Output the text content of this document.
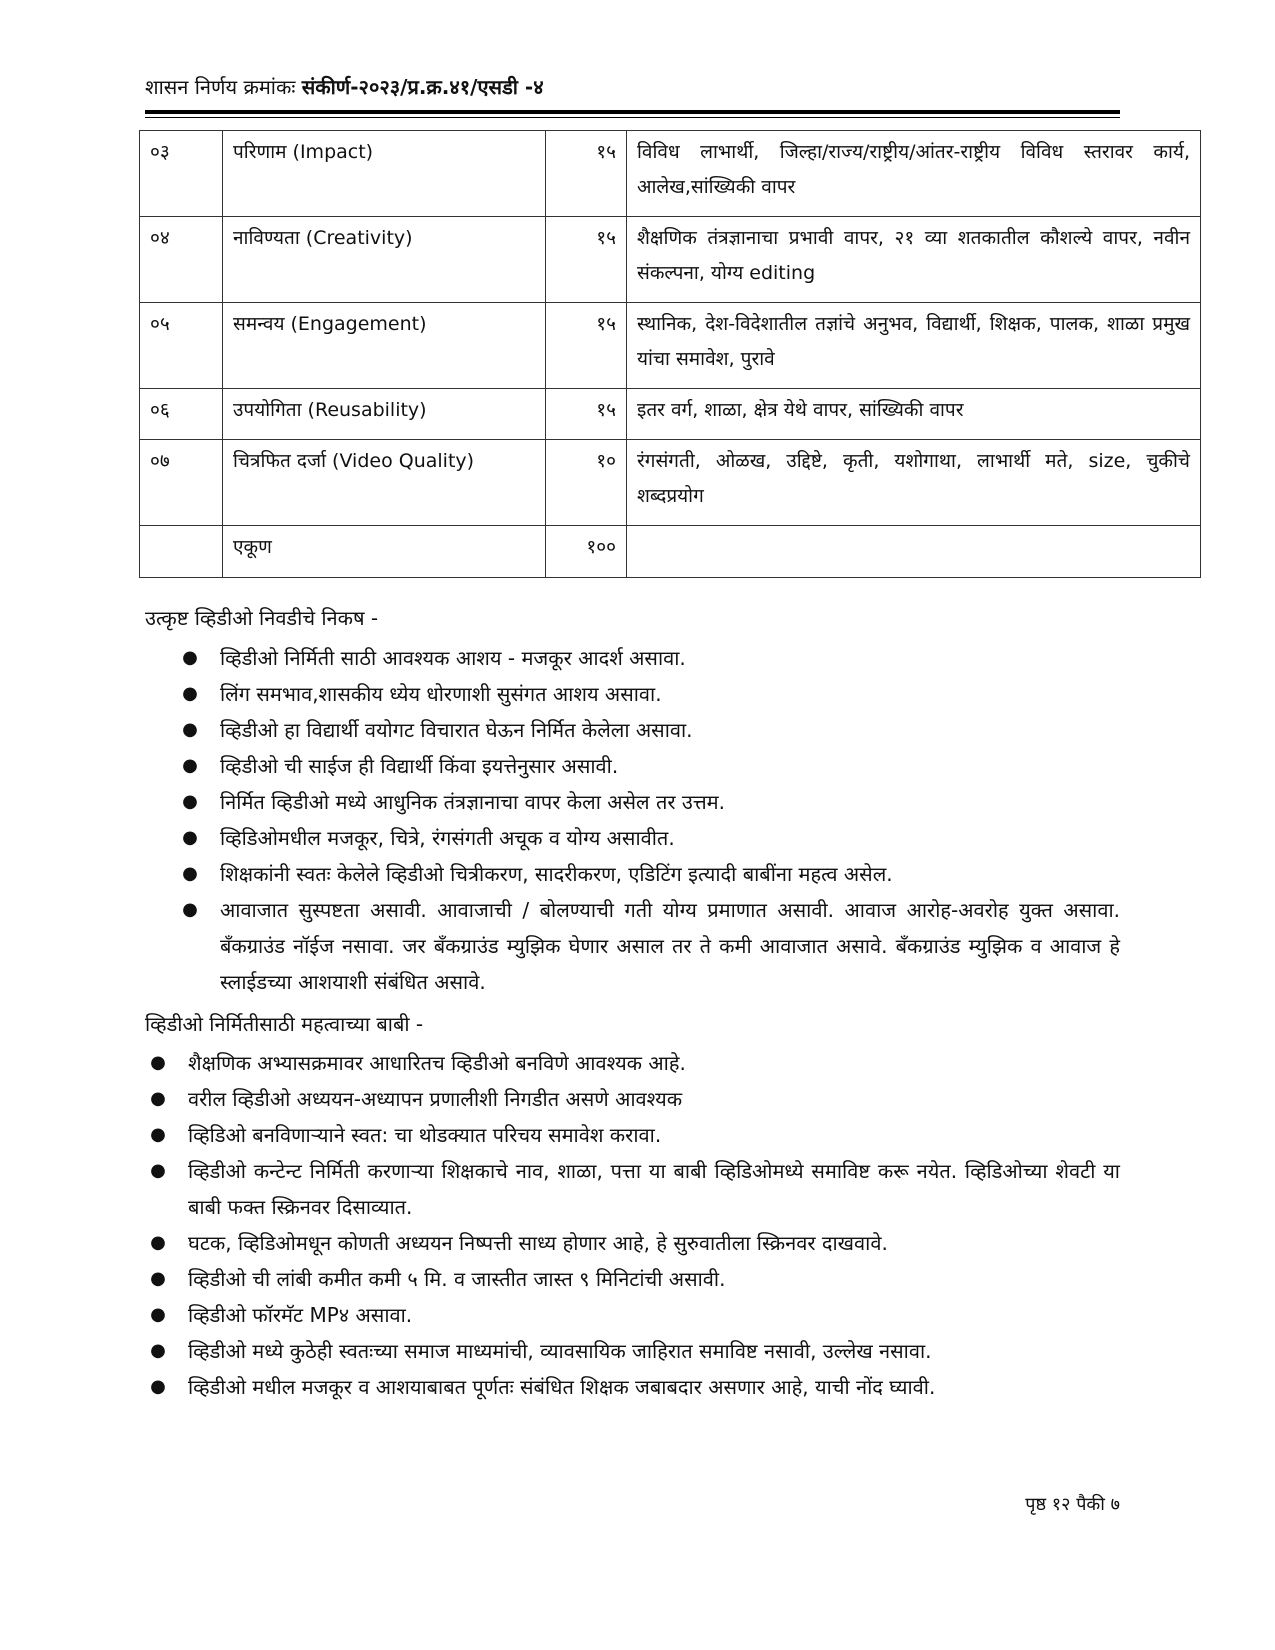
शासन निर्णय क्रमांकः संकीर्ण-२०२३/प्र.क्र.४१/एसडी -४
०३	परिणाम (Impact)	१५	विविध लाभार्थी, जिल्हा/राज्य/राष्ट्रीय/आंतर-राष्ट्रीय विविध स्तरावर कार्य, आलेख,सांख्यिकी वापर
०४	नाविण्यता (Creativity)	१५	शैक्षणिक तंत्रज्ञानाचा प्रभावी वापर, २१ व्या शतकातील कौशल्ये वापर, नवीन संकल्पना, योग्य editing
०५	समन्वय (Engagement)	१५	स्थानिक, देश-विदेशातील तज्ञांचे अनुभव, विद्यार्थी, शिक्षक, पालक, शाळा प्रमुख यांचा समावेश, पुरावे
०६	उपयोगिता (Reusability)	१५	इतर वर्ग, शाळा, क्षेत्र येथे वापर, सांख्यिकी वापर
०७	चित्रफित दर्जा (Video Quality)	१०	रंगसंगती, ओळख, उद्दिष्टे, कृती, यशोगाथा, लाभार्थी मते, size, चुकीचे शब्दप्रयोग
	एकूण	१००	
उत्कृष्ट व्हिडीओ निवडीचे निकष -
● व्हिडीओ निर्मिती साठी आवश्यक आशय - मजकूर आदर्श असावा.
● लिंग समभाव,शासकीय ध्येय धोरणाशी सुसंगत आशय असावा.
● व्हिडीओ हा विद्यार्थी वयोगट विचारात घेऊन निर्मित केलेला असावा.
● व्हिडीओ ची साईज ही विद्यार्थी किंवा इयत्तेनुसार असावी.
● निर्मित व्हिडीओ मध्ये आधुनिक तंत्रज्ञानाचा वापर केला असेल तर उत्तम.
● व्हिडिओमधील मजकूर, चित्रे, रंगसंगती अचूक व योग्य असावीत.
● शिक्षकांनी स्वतः केलेले व्हिडीओ चित्रीकरण, सादरीकरण, एडिटिंग इत्यादी बाबींना महत्व असेल.
● आवाजात सुस्पष्टता असावी. आवाजाची / बोलण्याची गती योग्य प्रमाणात असावी. आवाज आरोह-अवरोह युक्त असावा. बँकग्राउंड नॉईज नसावा. जर बँकग्राउंड म्युझिक घेणार असाल तर ते कमी आवाजात असावे. बँकग्राउंड म्युझिक व आवाज हे स्लाईडच्या आशयाशी संबंधित असावे.
व्हिडीओ निर्मितीसाठी महत्वाच्या बाबी -
● शैक्षणिक अभ्यासक्रमावर आधारितच व्हिडीओ बनविणे आवश्यक आहे.
● वरील व्हिडीओ अध्ययन-अध्यापन प्रणालीशी निगडीत असणे आवश्यक
● व्हिडिओ बनविणाऱ्याने स्वत: चा थोडक्यात परिचय समावेश करावा.
● व्हिडीओ कन्टेन्ट निर्मिती करणाऱ्या शिक्षकाचे नाव, शाळा, पत्ता या बाबी व्हिडिओमध्ये समाविष्ट करू नयेत. व्हिडिओच्या शेवटी या बाबी फक्त स्क्रिनवर दिसाव्यात.
● घटक, व्हिडिओमधून कोणती अध्ययन निष्पत्ती साध्य होणार आहे, हे सुरुवातीला स्क्रिनवर दाखवावे.
● व्हिडीओ ची लांबी कमीत कमी ५ मि. व जास्तीत जास्त ९ मिनिटांची असावी.
● व्हिडीओ फॉरमॅट MP४ असावा.
● व्हिडीओ मध्ये कुठेही स्वतःच्या समाज माध्यमांची, व्यावसायिक जाहिरात समाविष्ट नसावी, उल्लेख नसावा.
● व्हिडीओ मधील मजकूर व आशयाबाबत पूर्णतः संबंधित शिक्षक जबाबदार असणार आहे, याची नोंद घ्यावी.
पृष्ठ १२ पैकी ७
